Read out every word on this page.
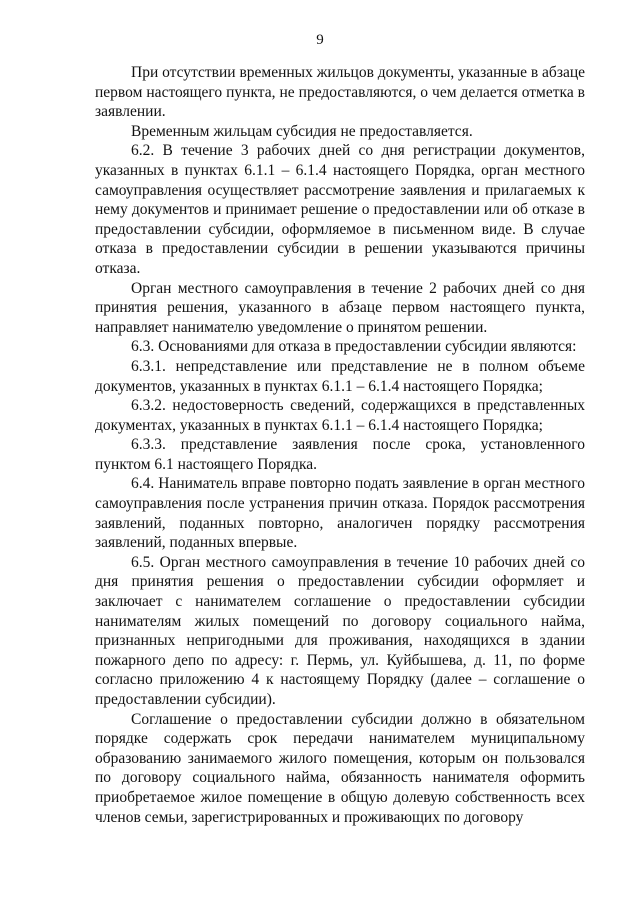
9

При отсутствии временных жильцов документы, указанные в абзаце первом настоящего пункта, не предоставляются, о чем делается отметка в заявлении.

Временным жильцам субсидия не предоставляется.

6.2. В течение 3 рабочих дней со дня регистрации документов, указанных в пунктах 6.1.1 – 6.1.4 настоящего Порядка, орган местного самоуправления осуществляет рассмотрение заявления и прилагаемых к нему документов и принимает решение о предоставлении или об отказе в предоставлении субсидии, оформляемое в письменном виде. В случае отказа в предоставлении субсидии в решении указываются причины отказа.

Орган местного самоуправления в течение 2 рабочих дней со дня принятия решения, указанного в абзаце первом настоящего пункта, направляет нанимателю уведомление о принятом решении.

6.3. Основаниями для отказа в предоставлении субсидии являются:

6.3.1. непредставление или представление не в полном объеме документов, указанных в пунктах 6.1.1 – 6.1.4 настоящего Порядка;

6.3.2. недостоверность сведений, содержащихся в представленных документах, указанных в пунктах 6.1.1 – 6.1.4 настоящего Порядка;

6.3.3. представление заявления после срока, установленного пунктом 6.1 настоящего Порядка.

6.4. Наниматель вправе повторно подать заявление в орган местного самоуправления после устранения причин отказа. Порядок рассмотрения заявлений, поданных повторно, аналогичен порядку рассмотрения заявлений, поданных впервые.

6.5. Орган местного самоуправления в течение 10 рабочих дней со дня принятия решения о предоставлении субсидии оформляет и заключает с нанимателем соглашение о предоставлении субсидии нанимателям жилых помещений по договору социального найма, признанных непригодными для проживания, находящихся в здании пожарного депо по адресу: г. Пермь, ул. Куйбышева, д. 11, по форме согласно приложению 4 к настоящему Порядку (далее – соглашение о предоставлении субсидии).

Соглашение о предоставлении субсидии должно в обязательном порядке содержать срок передачи нанимателем муниципальному образованию занимаемого жилого помещения, которым он пользовался по договору социального найма, обязанность нанимателя оформить приобретаемое жилое помещение в общую долевую собственность всех членов семьи, зарегистрированных и проживающих по договору
